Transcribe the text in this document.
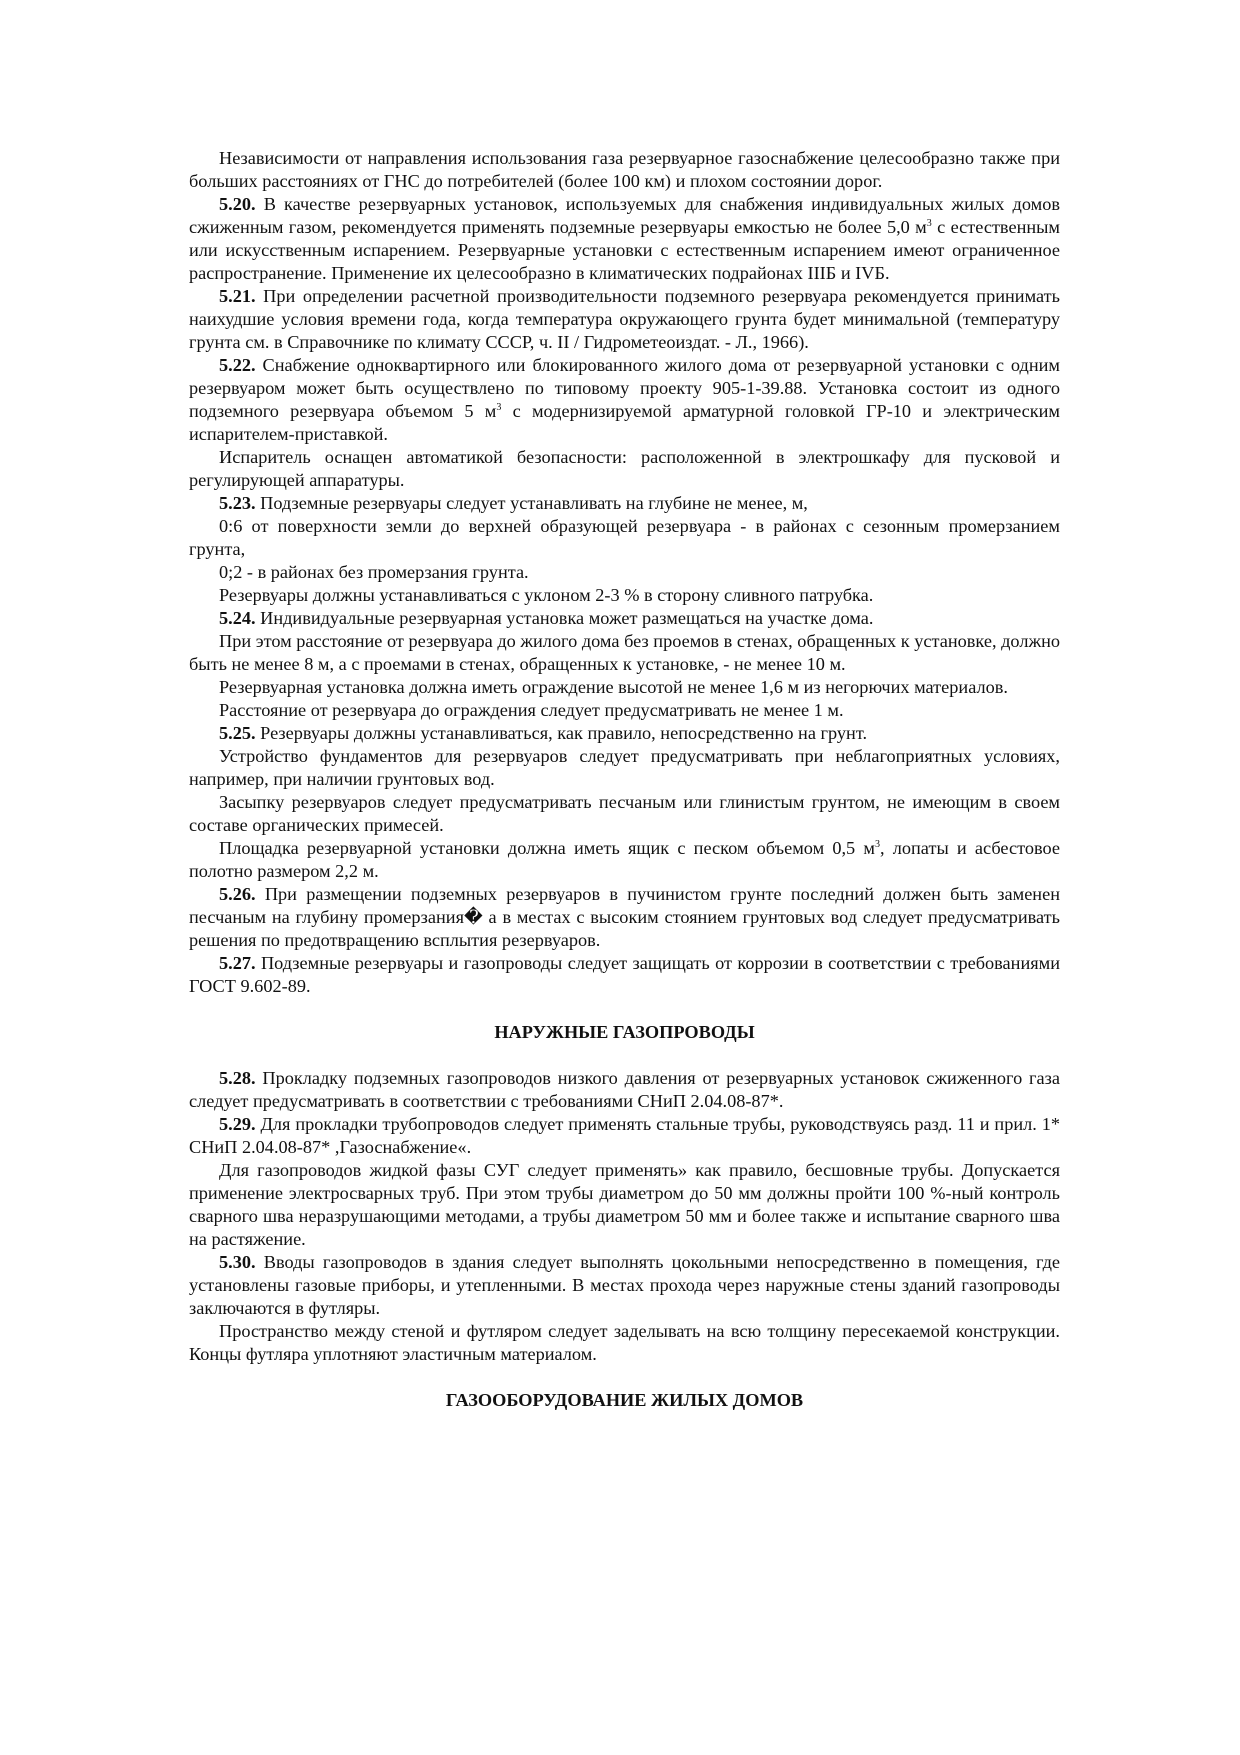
Независимости от направления использования газа резервуарное газоснабжение целесообразно также при больших расстояниях от ГНС до потребителей (более 100 км) и плохом состоянии дорог.

5.20. В качестве резервуарных установок, используемых для снабжения индивидуальных жилых домов сжиженным газом, рекомендуется применять подземные резервуары емкостью не более 5,0 $м^3$ с естественным или искусственным испарением. Резервуарные установки с естественным испарением имеют ограниченное распространение. Применение их целесообразно в климатических подрайонах IIIБ и IVБ.

5.21. При определении расчетной производительности подземного резервуара рекомендуется принимать наихудшие условия времени года, когда температура окружающего грунта будет минимальной (температуру грунта см. в Справочнике по климату СССР, ч. II / Гидрометеоиздат. - Л., 1966).

5.22. Снабжение одноквартирного или блокированного жилого дома от резервуарной установки с одним резервуаром может быть осуществлено по типовому проекту 905-1-39.88. Установка состоит из одного подземного резервуара объемом 5 $м^3$ с модернизируемой арматурной головкой ГР-10 и электрическим испарителем-приставкой.

Испаритель оснащен автоматикой безопасности: расположенной в электрошкафу для пусковой и регулирующей аппаратуры.

5.23. Подземные резервуары следует устанавливать на глубине не менее, м,

0:6 от поверхности земли до верхней образующей резервуара - в районах с сезонным промерзанием грунта,

0;2 - в районах без промерзания грунта.

Резервуары должны устанавливаться с уклоном 2-3 % в сторону сливного патрубка.

5.24. Индивидуальные резервуарная установка может размещаться на участке дома.

При этом расстояние от резервуара до жилого дома без проемов в стенах, обращенных к установке, должно быть не менее 8 м, а с проемами в стенах, обращенных к установке, - не менее 10 м.

Резервуарная установка должна иметь ограждение высотой не менее 1,6 м из негорючих материалов.

Расстояние от резервуара до ограждения следует предусматривать не менее 1 м.

5.25. Резервуары должны устанавливаться, как правило, непосредственно на грунт.

Устройство фундаментов для резервуаров следует предусматривать при неблагоприятных условиях, например, при наличии грунтовых вод.

Засыпку резервуаров следует предусматривать песчаным или глинистым грунтом, не имеющим в своем составе органических примесей.

Площадка резервуарной установки должна иметь ящик с песком объемом 0,5 $м^3$, лопаты и асбестовое полотно размером 2,2 м.

5.26. При размещении подземных резервуаров в пучинистом грунте последний должен быть заменен песчаным на глубину промерзания� а в местах с высоким стоянием грунтовых вод следует предусматривать решения по предотвращению всплытия резервуаров.

5.27. Подземные резервуары и газопроводы следует защищать от коррозии в соответствии с требованиями ГОСТ 9.602-89.

НАРУЖНЫЕ ГАЗОПРОВОДЫ

5.28. Прокладку подземных газопроводов низкого давления от резервуарных установок сжиженного газа следует предусматривать в соответствии с требованиями СНиП 2.04.08-87*.

5.29. Для прокладки трубопроводов следует применять стальные трубы, руководствуясь разд. 11 и прил. 1* СНиП 2.04.08-87* ,Газоснабжение«.

Для газопроводов жидкой фазы СУГ следует применять» как правило, бесшовные трубы. Допускается применение электросварных труб. При этом трубы диаметром до 50 мм должны пройти 100 %-ный контроль сварного шва неразрушающими методами, а трубы диаметром 50 мм и более также и испытание сварного шва на растяжение.

5.30. Вводы газопроводов в здания следует выполнять цокольными непосредственно в помещения, где установлены газовые приборы, и утепленными. В местах прохода через наружные стены зданий газопроводы заключаются в футляры.

Пространство между стеной и футляром следует заделывать на всю толщину пересекаемой конструкции. Концы футляра уплотняют эластичным материалом.

ГАЗООБОРУДОВАНИЕ ЖИЛЫХ ДОМОВ
